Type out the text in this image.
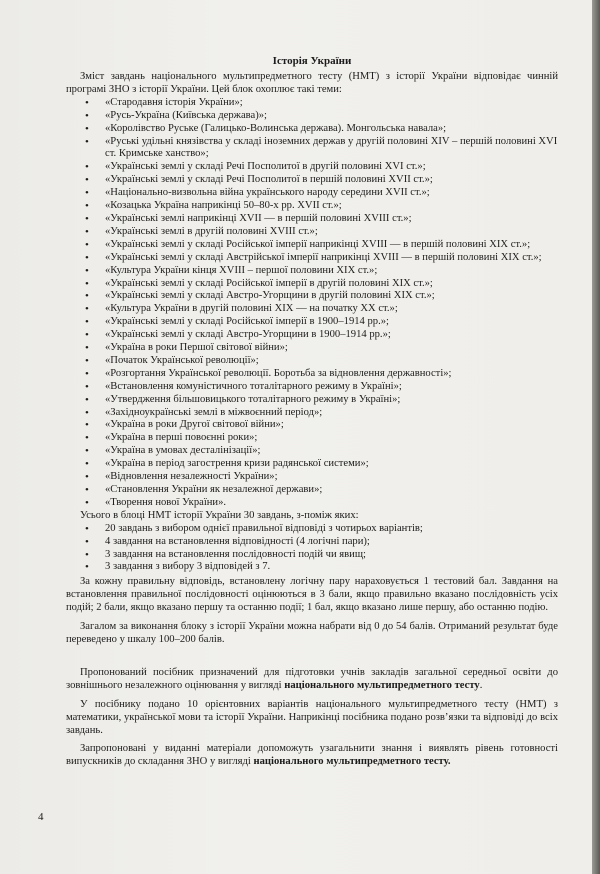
Історія України

Зміст завдань національного мультипредметного тесту (НМТ) з історії України відповідає чинній програмі ЗНО з історії України. Цей блок охоплює такі теми:

• «Стародавня історія України»;
• «Русь-Україна (Київська держава)»;
• «Королівство Руське (Галицько-Волинська держава). Монгольська навала»;
• «Руські удільні князівства у складі іноземних держав у другій половині XIV – першій половині XVI ст. Кримське ханство»;
• «Українські землі у складі Речі Посполитої в другій половині XVI ст.»;
• «Українські землі у складі Речі Посполитої в першій половині XVII ст.»;
• «Національно-визвольна війна українського народу середини XVII ст.»;
• «Козацька Україна наприкінці 50–80-х рр. XVII ст.»;
• «Українські землі наприкінці XVII — в першій половині XVIII ст.»;
• «Українські землі в другій половині XVIII ст.»;
• «Українські землі у складі Російської імперії наприкінці XVIII — в першій половині XIX ст.»;
• «Українські землі у складі Австрійської імперії наприкінці XVIII — в першій половині XIX ст.»;
• «Культура України кінця XVIII – першої половини XIX ст.»;
• «Українські землі у складі Російської імперії в другій половині XIX ст.»;
• «Українські землі у складі Австро-Угорщини в другій половині XIX ст.»;
• «Культура України в другій половині XIX — на початку XX ст.»;
• «Українські землі у складі Російської імперії в 1900–1914 рр.»;
• «Українські землі у складі Австро-Угорщини в 1900–1914 рр.»;
• «Україна в роки Першої світової війни»;
• «Початок Української революції»;
• «Розгортання Української революції. Боротьба за відновлення державності»;
• «Встановлення комуністичного тоталітарного режиму в Україні»;
• «Утвердження більшовицького тоталітарного режиму в Україні»;
• «Західноукраїнські землі в міжвоєнний період»;
• «Україна в роки Другої світової війни»;
• «Україна в перші повоєнні роки»;
• «Україна в умовах десталінізації»;
• «Україна в період загострення кризи радянської системи»;
• «Відновлення незалежності України»;
• «Становлення України як незалежної держави»;
• «Творення нової України».

Усього в блоці НМТ історії України 30 завдань, з-поміж яких:

• 20 завдань з вибором однієї правильної відповіді з чотирьох варіантів;
• 4 завдання на встановлення відповідності (4 логічні пари);
• 3 завдання на встановлення послідовності подій чи явищ;
• 3 завдання з вибору 3 відповідей з 7.

За кожну правильну відповідь, встановлену логічну пару нараховується 1 тестовий бал. Завдання на встановлення правильної послідовності оцінюються в 3 бали, якщо правильно вказано послідовність усіх подій; 2 бали, якщо вказано першу та останню події; 1 бал, якщо вказано лише першу, або останню подію.

Загалом за виконання блоку з історії України можна набрати від 0 до 54 балів. Отриманий результат буде переведено у шкалу 100–200 балів.

Пропонований посібник призначений для підготовки учнів закладів загальної середньої освіти до зовнішнього незалежного оцінювання у вигляді національного мультипредметного тесту.

У посібнику подано 10 орієнтовних варіантів національного мультипредметного тесту (НМТ) з математики, української мови та історії України. Наприкінці посібника подано розв’язки та відповіді до всіх завдань.

Запропоновані у виданні матеріали допоможуть узагальнити знання і виявлять рівень готовності випускників до складання ЗНО у вигляді національного мультипредметного тесту.

4
